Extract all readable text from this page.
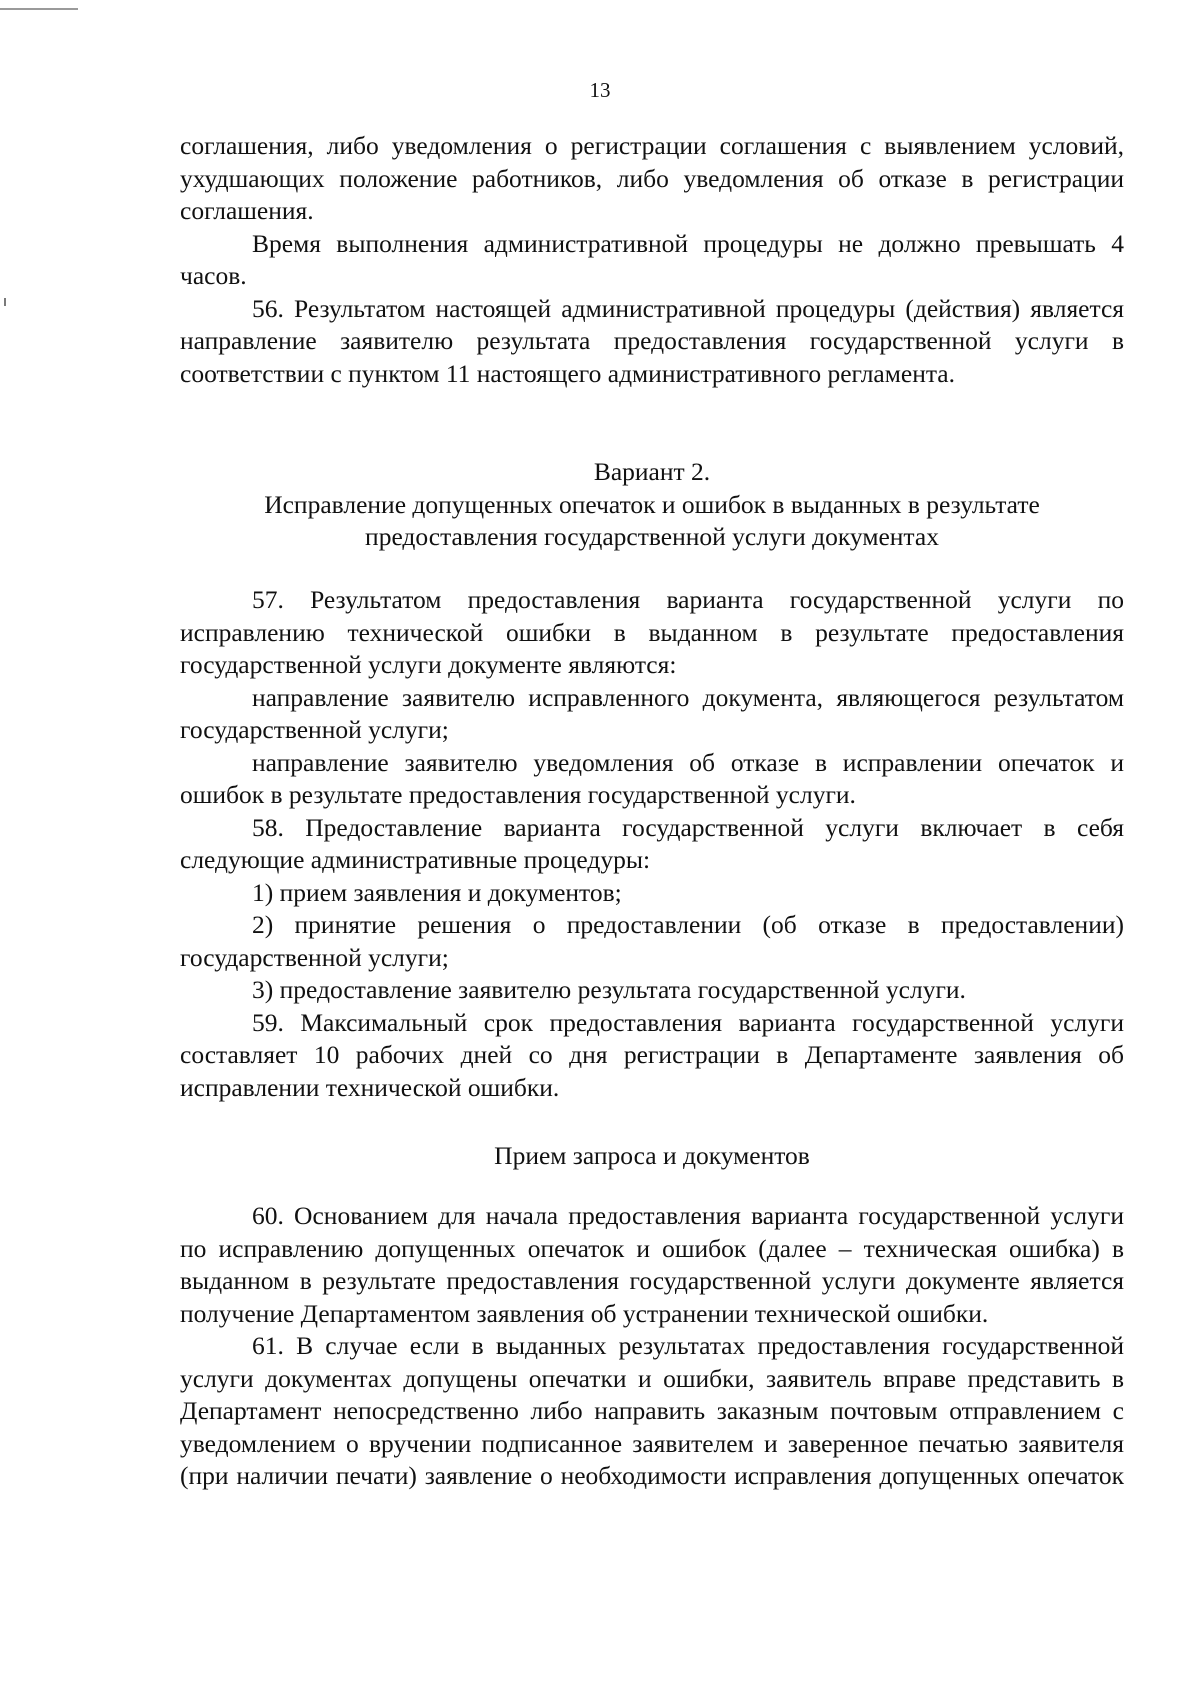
13

соглашения, либо уведомления о регистрации соглашения с выявлением условий, ухудшающих положение работников, либо уведомления об отказе в регистрации соглашения.

Время выполнения административной процедуры не должно превышать 4 часов.

56. Результатом настоящей административной процедуры (действия) является направление заявителю результата предоставления государственной услуги в соответствии с пунктом 11 настоящего административного регламента.

Вариант 2.

Исправление допущенных опечаток и ошибок в выданных в результате

предоставления государственной услуги документах

57. Результатом предоставления варианта государственной услуги по исправлению технической ошибки в выданном в результате предоставления государственной услуги документе являются:

направление заявителю исправленного документа, являющегося результатом государственной услуги;

направление заявителю уведомления об отказе в исправлении опечаток и ошибок в результате предоставления государственной услуги.

58. Предоставление варианта государственной услуги включает в себя следующие административные процедуры:

1) прием заявления и документов;

2) принятие решения о предоставлении (об отказе в предоставлении) государственной услуги;

3) предоставление заявителю результата государственной услуги.

59. Максимальный срок предоставления варианта государственной услуги составляет 10 рабочих дней со дня регистрации в Департаменте заявления об исправлении технической ошибки.

Прием запроса и документов

60. Основанием для начала предоставления варианта государственной услуги по исправлению допущенных опечаток и ошибок (далее – техническая ошибка) в выданном в результате предоставления государственной услуги документе является получение Департаментом заявления об устранении технической ошибки.

61. В случае если в выданных результатах предоставления государственной услуги документах допущены опечатки и ошибки, заявитель вправе представить в Департамент непосредственно либо направить заказным почтовым отправлением с уведомлением о вручении подписанное заявителем и заверенное печатью заявителя (при наличии печати) заявление о необходимости исправления допущенных опечаток
